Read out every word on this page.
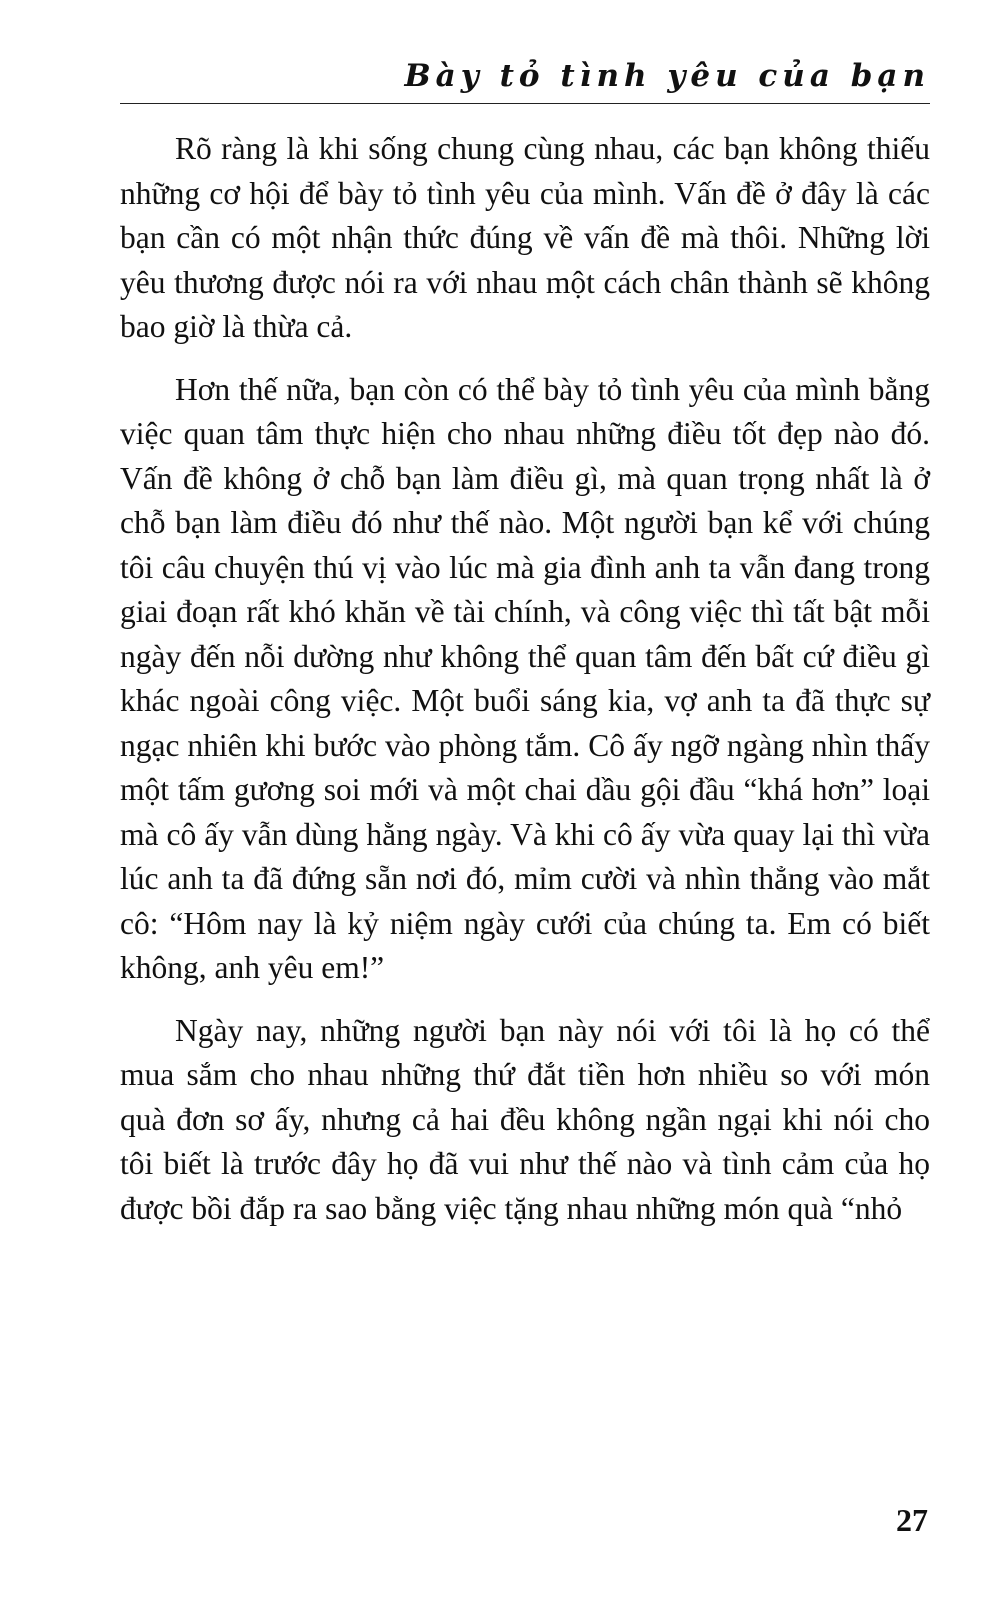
Bày tỏ tình yêu của bạn

Rõ ràng là khi sống chung cùng nhau, các bạn không thiếu những cơ hội để bày tỏ tình yêu của mình. Vấn đề ở đây là các bạn cần có một nhận thức đúng về vấn đề mà thôi. Những lời yêu thương được nói ra với nhau một cách chân thành sẽ không bao giờ là thừa cả.

Hơn thế nữa, bạn còn có thể bày tỏ tình yêu của mình bằng việc quan tâm thực hiện cho nhau những điều tốt đẹp nào đó. Vấn đề không ở chỗ bạn làm điều gì, mà quan trọng nhất là ở chỗ bạn làm điều đó như thế nào. Một người bạn kể với chúng tôi câu chuyện thú vị vào lúc mà gia đình anh ta vẫn đang trong giai đoạn rất khó khăn về tài chính, và công việc thì tất bật mỗi ngày đến nỗi dường như không thể quan tâm đến bất cứ điều gì khác ngoài công việc. Một buổi sáng kia, vợ anh ta đã thực sự ngạc nhiên khi bước vào phòng tắm. Cô ấy ngỡ ngàng nhìn thấy một tấm gương soi mới và một chai dầu gội đầu “khá hơn” loại mà cô ấy vẫn dùng hằng ngày. Và khi cô ấy vừa quay lại thì vừa lúc anh ta đã đứng sẵn nơi đó, mỉm cười và nhìn thẳng vào mắt cô: “Hôm nay là kỷ niệm ngày cưới của chúng ta. Em có biết không, anh yêu em!”

Ngày nay, những người bạn này nói với tôi là họ có thể mua sắm cho nhau những thứ đắt tiền hơn nhiều so với món quà đơn sơ ấy, nhưng cả hai đều không ngần ngại khi nói cho tôi biết là trước đây họ đã vui như thế nào và tình cảm của họ được bồi đắp ra sao bằng việc tặng nhau những món quà “nhỏ

27
